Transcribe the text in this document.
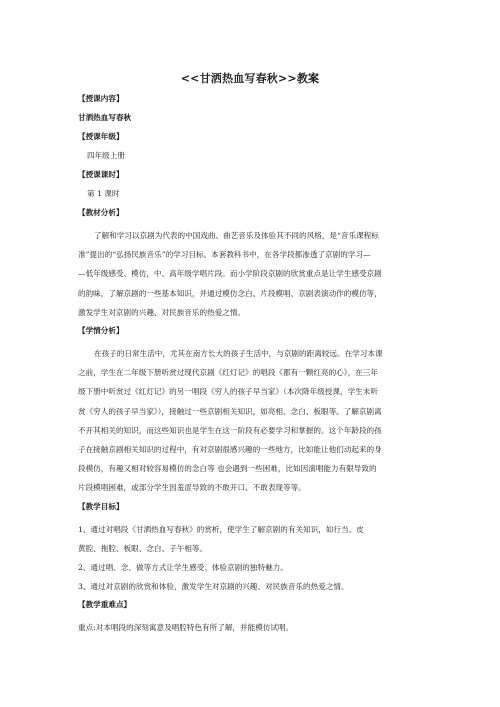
<<甘洒热血写春秋>>教案
【授课内容】
甘洒热血写春秋
【授课年级】
四年级上册
【授课课时】
第 1 课时
【教材分析】
了解和学习以京剧为代表的中国戏曲、曲艺音乐及体验其不同的风格，是“音乐课程标
准”提出的“弘扬民族音乐”的学习目标。本套教科书中，在各学段都渗透了京剧的学习—
—低年级感受、模仿，中、高年级学唱片段。而小学阶段京剧的欣赏重点是让学生感受京剧
的韵味，了解京剧的一些基本知识，并通过模仿念白、片段模唱、京剧表演动作的模仿等，
激发学生对京剧的兴趣、对民族音乐的热爱之情。
【学情分析】
在孩子的日常生活中，尤其在南方长大的孩子生活中，与京剧的距离较远。在学习本课
之前，学生在二年级下册听赏过现代京剧《红灯记》的唱段《都有一颗红亮的心》，在三年
级下册中听赏过《红灯记》的另一唱段《穷人的孩子早当家》（本次降年级授课，学生未听
赏《穷人的孩子早当家》），接触过一些京剧相关知识，如亮相、念白、板眼等。了解京剧离
不开其相关的知识，而这些知识也是学生在这一阶段有必要学习和掌握的。这个年龄段的孩
子在接触京剧相关知识的过程中，有对京剧很感兴趣的一些地方，比如能让他们动起来的身
段模仿，有趣又相对较容易模仿的念白等 也会遇到一些困难，比如因演唱能力有限导致的
片段模唱困难，或部分学生因羞涩导致的不敢开口、不敢表现等等。
【教学目标】
1、通过对唱段《甘洒热血写春秋》的赏析，使学生了解京剧的有关知识，如行当、皮
黄腔、拖腔、板眼、念白、子午相等。
2、通过唱、念、做等方式让学生感受、体验京剧的独特魅力。
3、通过对京剧的欣赏和体验，激发学生对京剧的兴趣、对民族音乐的热爱之情。
【教学重难点】
重点:对本唱段的深刻寓意及唱腔特色有所了解，并能模仿试唱。
